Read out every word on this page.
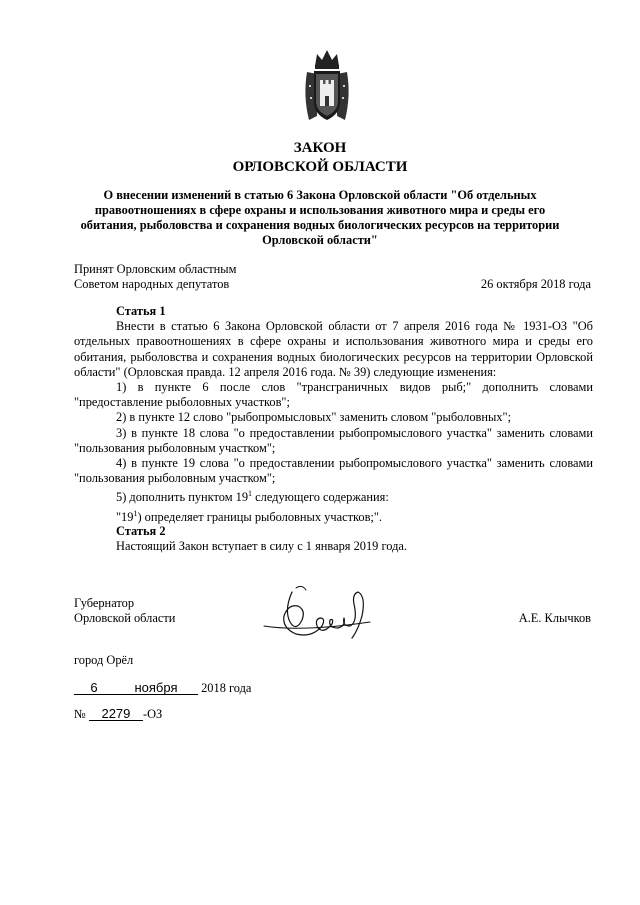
ЗАКОН
ОРЛОВСКОЙ ОБЛАСТИ
О внесении изменений в статью 6 Закона Орловской области "Об отдельных правоотношениях в сфере охраны и использования животного мира и среды его обитания, рыболовства и сохранения водных биологических ресурсов на территории Орловской области"
Принят Орловским областным
Советом народных депутатов	26 октября 2018 года

Статья 1

Внести в статью 6 Закона Орловской области от 7 апреля 2016 года № 1931-ОЗ "Об отдельных правоотношениях в сфере охраны и использования животного мира и среды его обитания, рыболовства и сохранения водных биологических ресурсов на территории Орловской области" (Орловская правда. 12 апреля 2016 года. № 39) следующие изменения:

1) в пункте 6 после слов "трансграничных видов рыб;" дополнить словами "предоставление рыболовных участков";

2) в пункте 12 слово "рыбопромысловых" заменить словом "рыболовных";

3) в пункте 18 слова "о предоставлении рыбопромыслового участка" заменить словами "пользования рыболовным участком";

4) в пункте 19 слова "о предоставлении рыбопромыслового участка" заменить словами "пользования рыболовным участком";

5) дополнить пунктом $19^1$ следующего содержания:

"$19^1$) определяет границы рыболовных участков;".

Статья 2

Настоящий Закон вступает в силу с 1 января 2019 года.

Губернатор
Орловской области	А.Е. Клычков
город Орёл
6	ноября 2018 года
№ 2279 -ОЗ
